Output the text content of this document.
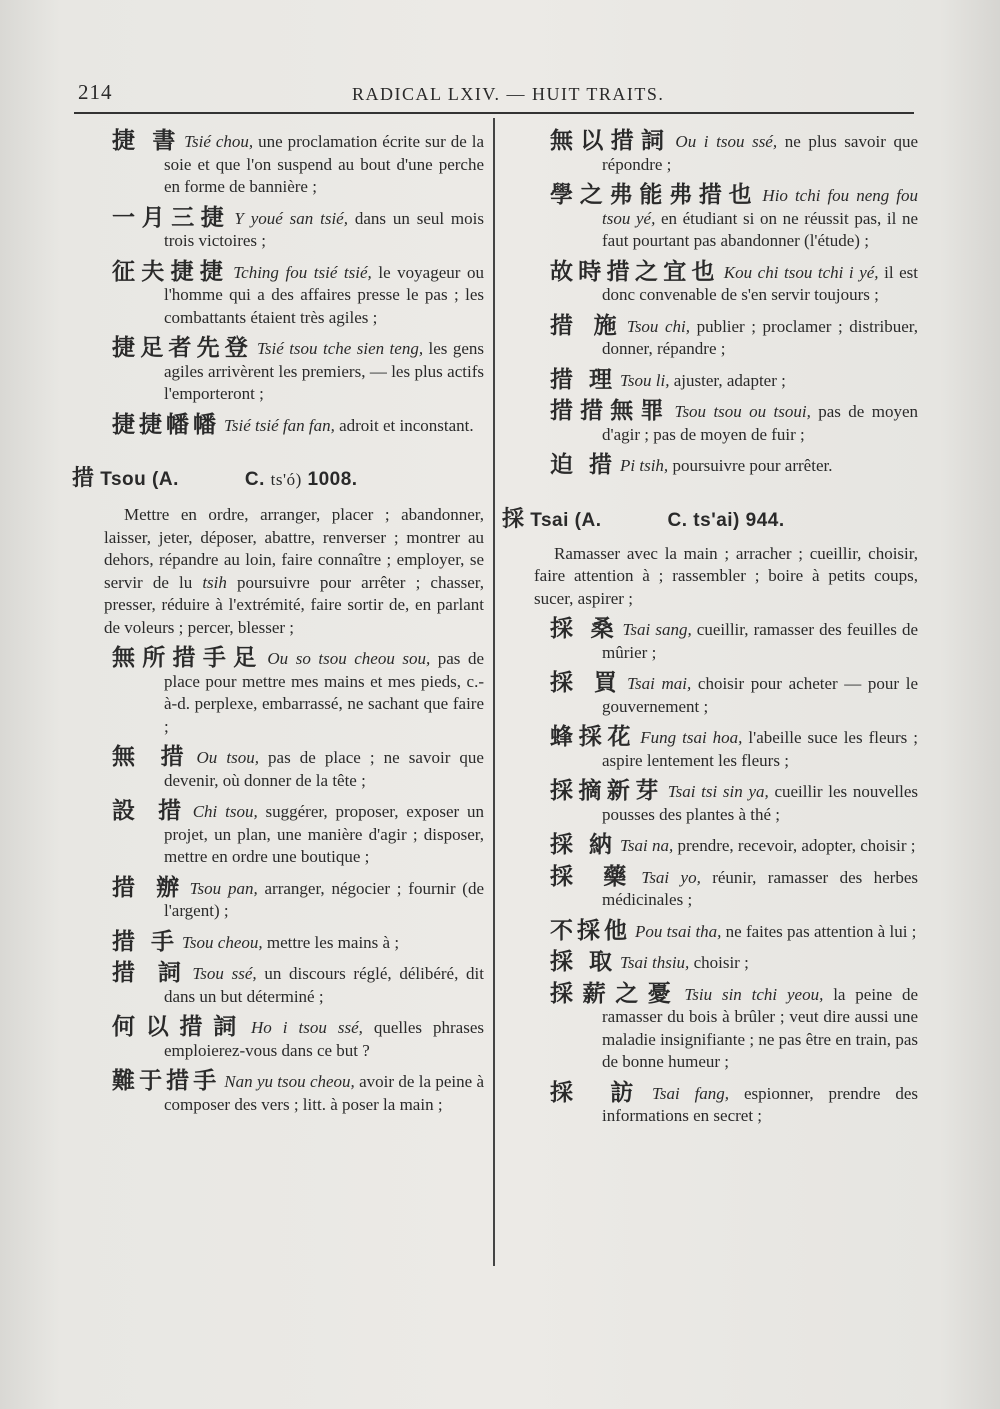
214	RADICAL LXIV. — HUIT TRAITS.
捷 書 Tsié chou, une proclamation écrite sur de la soie et que l'on suspend au bout d'une perche en forme de bannière ;
一月三捷 Y youé san tsié, dans un seul mois trois victoires ;
征夫捷捷 Tching fou tsié tsié, le voyageur ou l'homme qui a des affaires presse le pas ; les combattants étaient très agiles ;
捷足者先登 Tsié tsou tche sien teng, les gens agiles arrivèrent les premiers, — les plus actifs l'emporteront ;
捷捷幡幡 Tsié tsié fan fan, adroit et inconstant.
措 Tsou (A.	C. ts'ó) 1008.
Mettre en ordre, arranger, placer ; abandonner, laisser, jeter, déposer, abattre, renverser ; montrer au dehors, répandre au loin, faire connaître ; employer, se servir de lu tsih poursuivre pour arrêter ; chasser, presser, réduire à l'extrémité, faire sortir de, en parlant de voleurs ; percer, blesser ;
無所措手足 Ou so tsou cheou sou, pas de place pour mettre mes mains et mes pieds, c.-à-d. perplexe, embarrassé, ne sachant que faire ;
無 措 Ou tsou, pas de place ; ne savoir que devenir, où donner de la tête ;
設 措 Chi tsou, suggérer, proposer, exposer un projet, un plan, une manière d'agir ; disposer, mettre en ordre une boutique ;
措 辦 Tsou pan, arranger, négocier ; fournir (de l'argent) ;
措 手 Tsou cheou, mettre les mains à ;
措 詞 Tsou ssé, un discours réglé, délibéré, dit dans un but déterminé ;
何以措詞 Ho i tsou ssé, quelles phrases emploierez-vous dans ce but ?
難于措手 Nan yu tsou cheou, avoir de la peine à composer des vers ; litt. à poser la main ;
無以措詞 Ou i tsou ssé, ne plus savoir que répondre ;
學之弗能弗措也 Hio tchi fou neng fou tsou yé, en étudiant si on ne réussit pas, il ne faut pourtant pas abandonner (l'étude) ;
故時措之宜也 Kou chi tsou tchi i yé, il est donc convenable de s'en servir toujours ;
措 施 Tsou chi, publier ; proclamer ; distribuer, donner, répandre ;
措 理 Tsou li, ajuster, adapter ;
措措無罪 Tsou tsou ou tsoui, pas de moyen d'agir ; pas de moyen de fuir ;
迫 措 Pi tsih, poursuivre pour arrêter.
採 Tsai (A.	C. ts'ai) 944.
Ramasser avec la main ; arracher ; cueillir, choisir, faire attention à ; rassembler ; boire à petits coups, sucer, aspirer ;
採 桑 Tsai sang, cueillir, ramasser des feuilles de mûrier ;
採 買 Tsai mai, choisir pour acheter — pour le gouvernement ;
蜂採花 Fung tsai hoa, l'abeille suce les fleurs ; aspire lentement les fleurs ;
採摘新芽 Tsai tsi sin ya, cueillir les nouvelles pousses des plantes à thé ;
採 納 Tsai na, prendre, recevoir, adopter, choisir ;
採 藥 Tsai yo, réunir, ramasser des herbes médicinales ;
不採他 Pou tsai tha, ne faites pas attention à lui ;
採 取 Tsai thsiu, choisir ;
採薪之憂 Tsiu sin tchi yeou, la peine de ramasser du bois à brûler ; veut dire aussi une maladie insignifiante ; ne pas être en train, pas de bonne humeur ;
採 訪 Tsai fang, espionner, prendre des informations en secret ;
